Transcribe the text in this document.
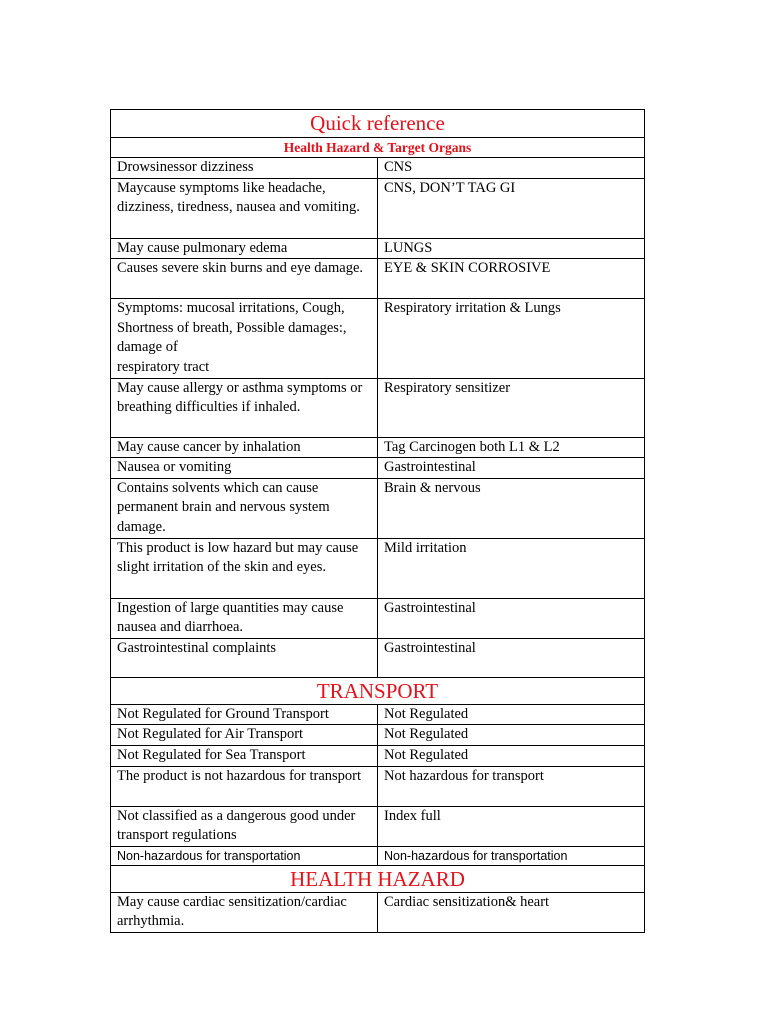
Quick reference	
Health Hazard & Target Organs	
Drowsinessor dizziness	CNS
Maycause symptoms like headache, dizziness, tiredness, nausea and vomiting.	CNS, DON’T TAG GI
May cause pulmonary edema	LUNGS
Causes severe skin burns and eye damage.	EYE & SKIN CORROSIVE
Symptoms: mucosal irritations, Cough, Shortness of breath, Possible damages:, damage of
respiratory tract	Respiratory irritation & Lungs
May cause allergy or asthma symptoms or breathing difficulties if inhaled.	Respiratory sensitizer
May cause cancer by inhalation	Tag Carcinogen both L1 & L2
Nausea or vomiting	Gastrointestinal
Contains solvents which can cause permanent brain and nervous system damage.	Brain & nervous
This product is low hazard but may cause slight irritation of the skin and eyes.	Mild irritation
Ingestion of large quantities may cause nausea and diarrhoea.	Gastrointestinal
Gastrointestinal complaints	Gastrointestinal
TRANSPORT	
Not Regulated for Ground Transport	Not Regulated
Not Regulated for Air Transport	Not Regulated
Not Regulated for Sea Transport	Not Regulated
The product is not hazardous for transport	Not hazardous for transport
Not classified as a dangerous good under transport regulations	Index full
Non-hazardous for transportation	Non-hazardous for transportation
HEALTH HAZARD	
May cause cardiac sensitization/cardiac arrhythmia.	Cardiac sensitization& heart
